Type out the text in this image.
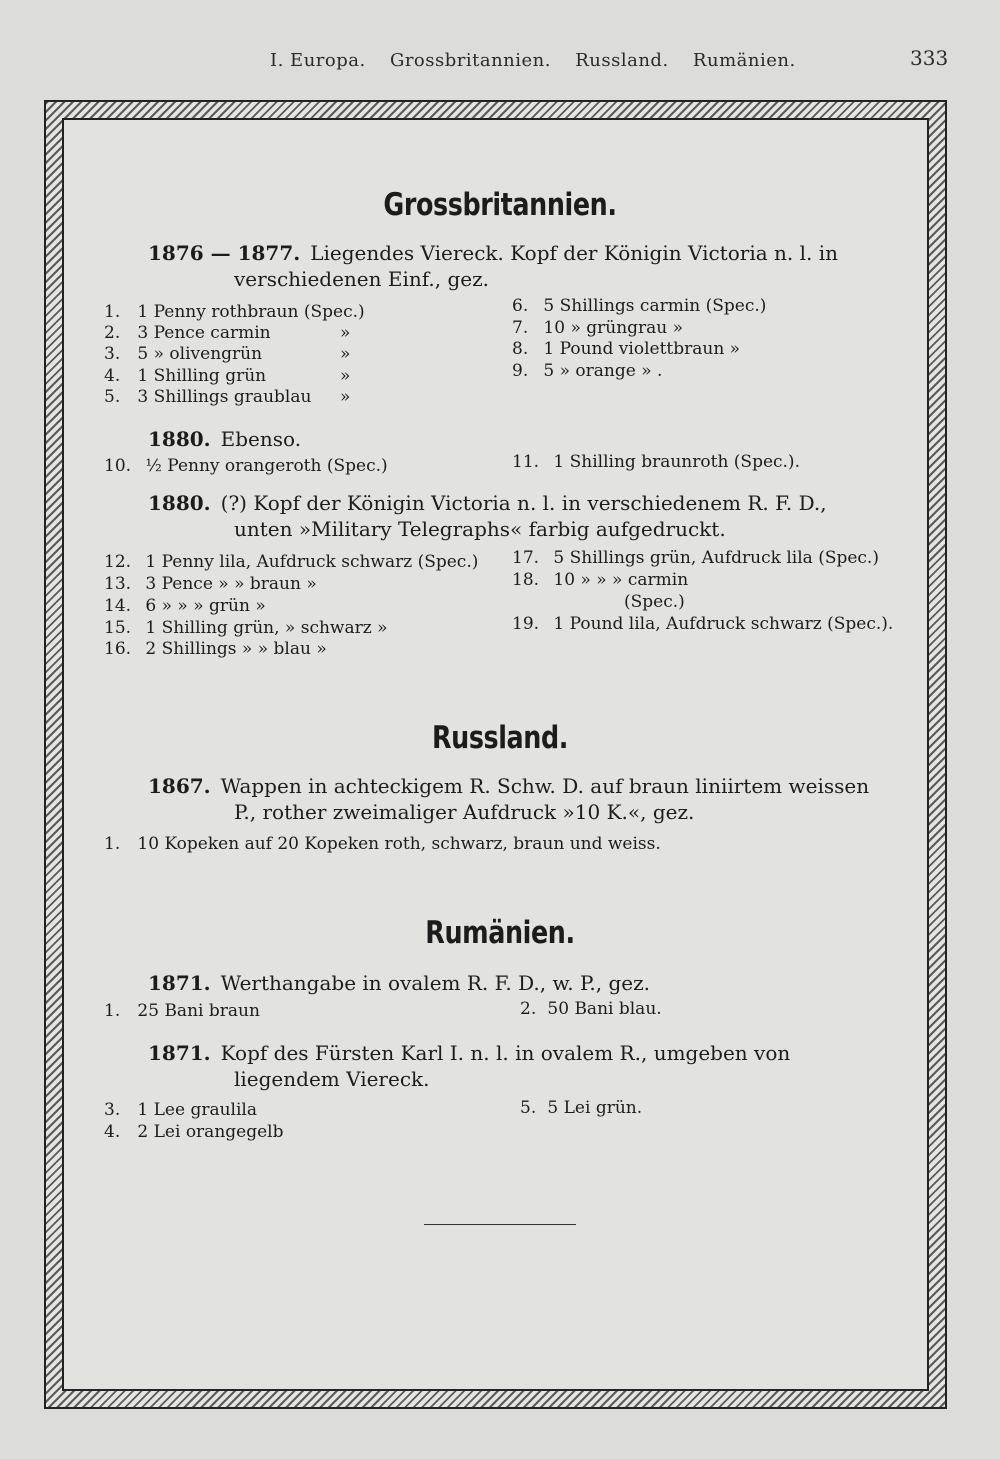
I. Europa. Grossbritannien. Russland. Rumänien.	333
Grossbritannien.
1876 — 1877. Liegendes Viereck. Kopf der Königin Victoria n. l. in
verschiedenen Einf., gez.
1. 1 Penny rothbraun (Spec.)
2. 3 Pence carmin
3. 5 » olivengrün
4. 1 Shilling grün
5. 3 Shillings graublau
»
»
»
»
6. 5 Shillings carmin (Spec.)
7. 10 » grüngrau »
8. 1 Pound violettbraun »
9. 5 » orange » .
1880. Ebenso.
10. ½ Penny orangeroth (Spec.)	11. 1 Shilling braunroth (Spec.).
1880. (?) Kopf der Königin Victoria n. l. in verschiedenem R. F. D.,
unten »Military Telegraphs« farbig aufgedruckt.
12. 1 Penny lila, Aufdruck schwarz (Spec.)
13. 3 Pence » » braun »
14. 6 » » » grün »
15. 1 Shilling grün, » schwarz »
16. 2 Shillings » » blau »
17. 5 Shillings grün, Aufdruck lila (Spec.)
18. 10 » » » carmin
(Spec.)
19. 1 Pound lila, Aufdruck schwarz (Spec.).
Russland.
1867. Wappen in achteckigem R. Schw. D. auf braun liniirtem weissen
P., rother zweimaliger Aufdruck »10 K.«, gez.
1. 10 Kopeken auf 20 Kopeken roth, schwarz, braun und weiss.
Rumänien.
1871. Werthangabe in ovalem R. F. D., w. P., gez.
1. 25 Bani braun	2. 50 Bani blau.
1871. Kopf des Fürsten Karl I. n. l. in ovalem R., umgeben von
liegendem Viereck.
3. 1 Lee graulila
4. 2 Lei orangegelb
5. 5 Lei grün.
